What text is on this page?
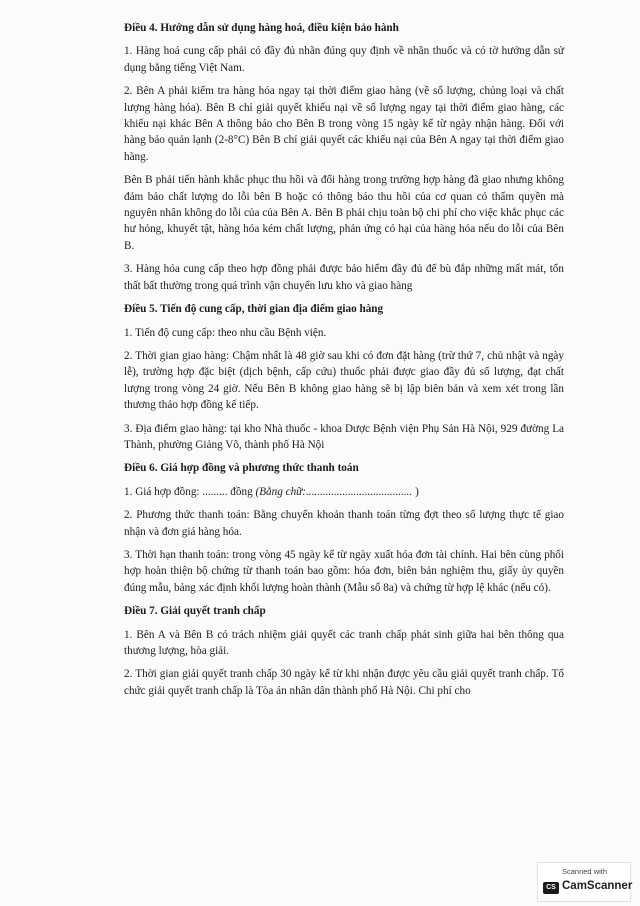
Điều 4. Hướng dẫn sử dụng hàng hoá, điều kiện bảo hành
1. Hàng hoá cung cấp phải có đầy đủ nhãn đúng quy định về nhãn thuốc và có tờ hướng dẫn sử dụng bằng tiếng Việt Nam.
2. Bên A phải kiểm tra hàng hóa ngay tại thời điểm giao hàng (về số lượng, chủng loại và chất lượng hàng hóa). Bên B chỉ giải quyết khiếu nại về số lượng ngay tại thời điểm giao hàng, các khiếu nại khác Bên A thông báo cho Bên B trong vòng 15 ngày kể từ ngày nhận hàng. Đối với hàng bảo quản lạnh (2-8°C) Bên B chỉ giải quyết các khiếu nại của Bên A ngay tại thời điểm giao hàng.
Bên B phải tiến hành khắc phục thu hồi và đổi hàng trong trường hợp hàng đã giao nhưng không đảm bảo chất lượng do lỗi bên B hoặc có thông báo thu hồi của cơ quan có thẩm quyền mà nguyên nhân không do lỗi của của Bên A. Bên B phải chịu toàn bộ chi phí cho việc khắc phục các hư hỏng, khuyết tật, hàng hóa kém chất lượng, phản ứng có hại của hàng hóa nếu do lỗi của Bên B.
3. Hàng hóa cung cấp theo hợp đồng phải được bảo hiểm đầy đủ để bù đắp những mất mát, tổn thất bất thường trong quá trình vận chuyển lưu kho và giao hàng
Điều 5. Tiến độ cung cấp, thời gian địa điểm giao hàng
1. Tiến độ cung cấp: theo nhu cầu Bệnh viện.
2. Thời gian giao hàng: Chậm nhất là 48 giờ sau khi có đơn đặt hàng (trừ thứ 7, chủ nhật và ngày lễ), trường hợp đặc biệt (dịch bệnh, cấp cứu) thuốc phải được giao đầy đủ số lượng, đạt chất lượng trong vòng 24 giờ. Nếu Bên B không giao hàng sẽ bị lập biên bản và xem xét trong lần thương thảo hợp đồng kế tiếp.
3. Địa điểm giao hàng: tại kho Nhà thuốc - khoa Dược Bệnh viện Phụ Sản Hà Nội, 929 đường La Thành, phường Giảng Võ, thành phố Hà Nội
Điều 6. Giá hợp đồng và phương thức thanh toán
1. Giá hợp đồng: ......... đồng (Bằng chữ:...................................... )
2. Phương thức thanh toán: Bằng chuyển khoản thanh toán từng đợt theo số lượng thực tế giao nhận và đơn giá hàng hóa.
3. Thời hạn thanh toán: trong vòng 45 ngày kể từ ngày xuất hóa đơn tài chính. Hai bên cùng phối hợp hoàn thiện bộ chứng từ thanh toán bao gồm: hóa đơn, biên bản nghiệm thu, giấy ủy quyền đúng mẫu, bảng xác định khối lượng hoàn thành (Mẫu số 8a) và chứng từ hợp lệ khác (nếu có).
Điều 7. Giải quyết tranh chấp
1. Bên A và Bên B có trách nhiệm giải quyết các tranh chấp phát sinh giữa hai bên thông qua thương lượng, hòa giải.
2. Thời gian giải quyết tranh chấp 30 ngày kể từ khi nhận được yêu cầu giải quyết tranh chấp. Tổ chức giải quyết tranh chấp là Tòa án nhân dân thành phố Hà Nội. Chi phí cho
Scanned with
CS CamScanner
